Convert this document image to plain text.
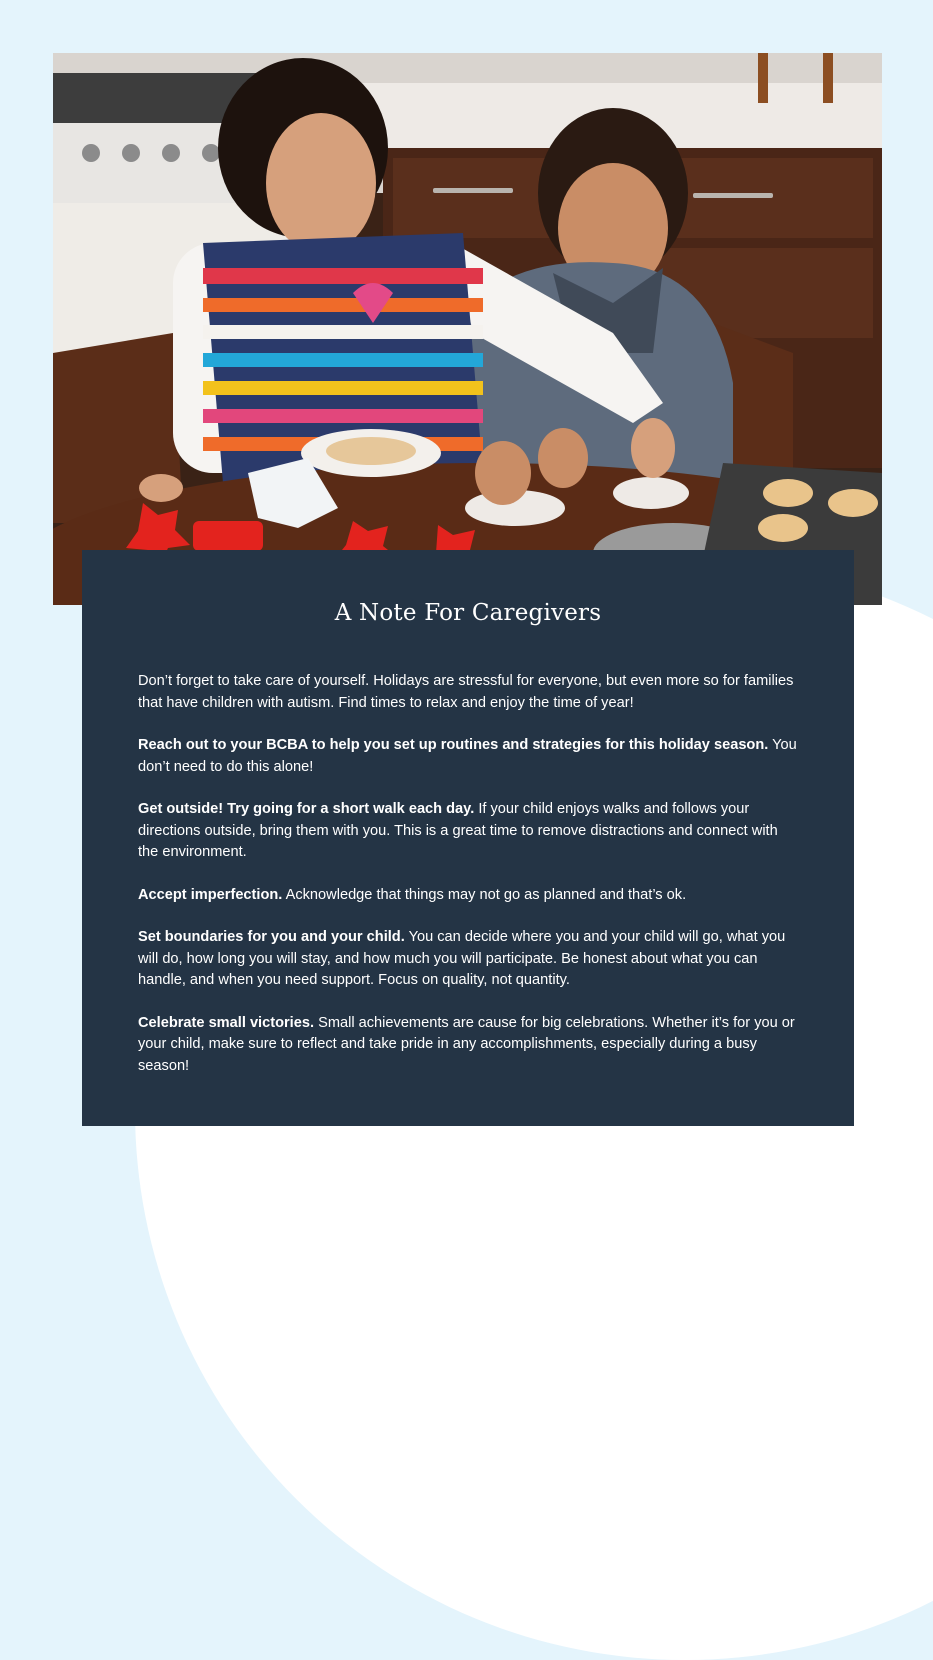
A Note For Caregivers

Don’t forget to take care of yourself. Holidays are stressful for everyone, but even more so for families that have children with autism. Find times to relax and enjoy the time of year!

Reach out to your BCBA to help you set up routines and strategies for this holiday season. You don’t need to do this alone!

Get outside! Try going for a short walk each day. If your child enjoys walks and follows your directions outside, bring them with you. This is a great time to remove distractions and connect with the environment.

Accept imperfection. Acknowledge that things may not go as planned and that’s ok.

Set boundaries for you and your child. You can decide where you and your child will go, what you will do, how long you will stay, and how much you will participate. Be honest about what you can handle, and when you need support. Focus on quality, not quantity.

Celebrate small victories. Small achievements are cause for big celebrations. Whether it’s for you or your child, make sure to reflect and take pride in any accomplishments, especially during a busy season!
